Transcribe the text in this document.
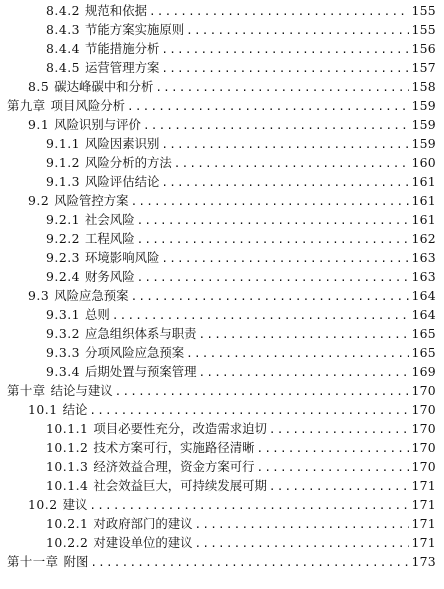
8.4.2 规范和依据 .....	155
8.4.3 节能方案实施原则 .....	155
8.4.4 节能措施分析 .....	156
8.4.5 运营管理方案 .....	157
8.5 碳达峰碳中和分析 .....	158
第九章 项目风险分析 .....	159
9.1 风险识别与评价 .....	159
9.1.1 风险因素识别 .....	159
9.1.2 风险分析的方法 .....	160
9.1.3 风险评估结论 .....	161
9.2 风险管控方案 .....	161
9.2.1 社会风险 .....	161
9.2.2 工程风险 .....	162
9.2.3 环境影响风险 .....	163
9.2.4 财务风险 .....	163
9.3 风险应急预案 .....	164
9.3.1 总则 .....	164
9.3.2 应急组织体系与职责 .....	165
9.3.3 分项风险应急预案 .....	165
9.3.4 后期处置与预案管理 .....	169
第十章 结论与建议 .....	170
10.1 结论 .....	170
10.1.1 项目必要性充分，改造需求迫切 .....	170
10.1.2 技术方案可行，实施路径清晰 .....	170
10.1.3 经济效益合理，资金方案可行 .....	170
10.1.4 社会效益巨大，可持续发展可期 .....	171
10.2 建议 .....	171
10.2.1 对政府部门的建议 .....	171
10.2.2 对建设单位的建议 .....	171
第十一章 附图 .....	173
